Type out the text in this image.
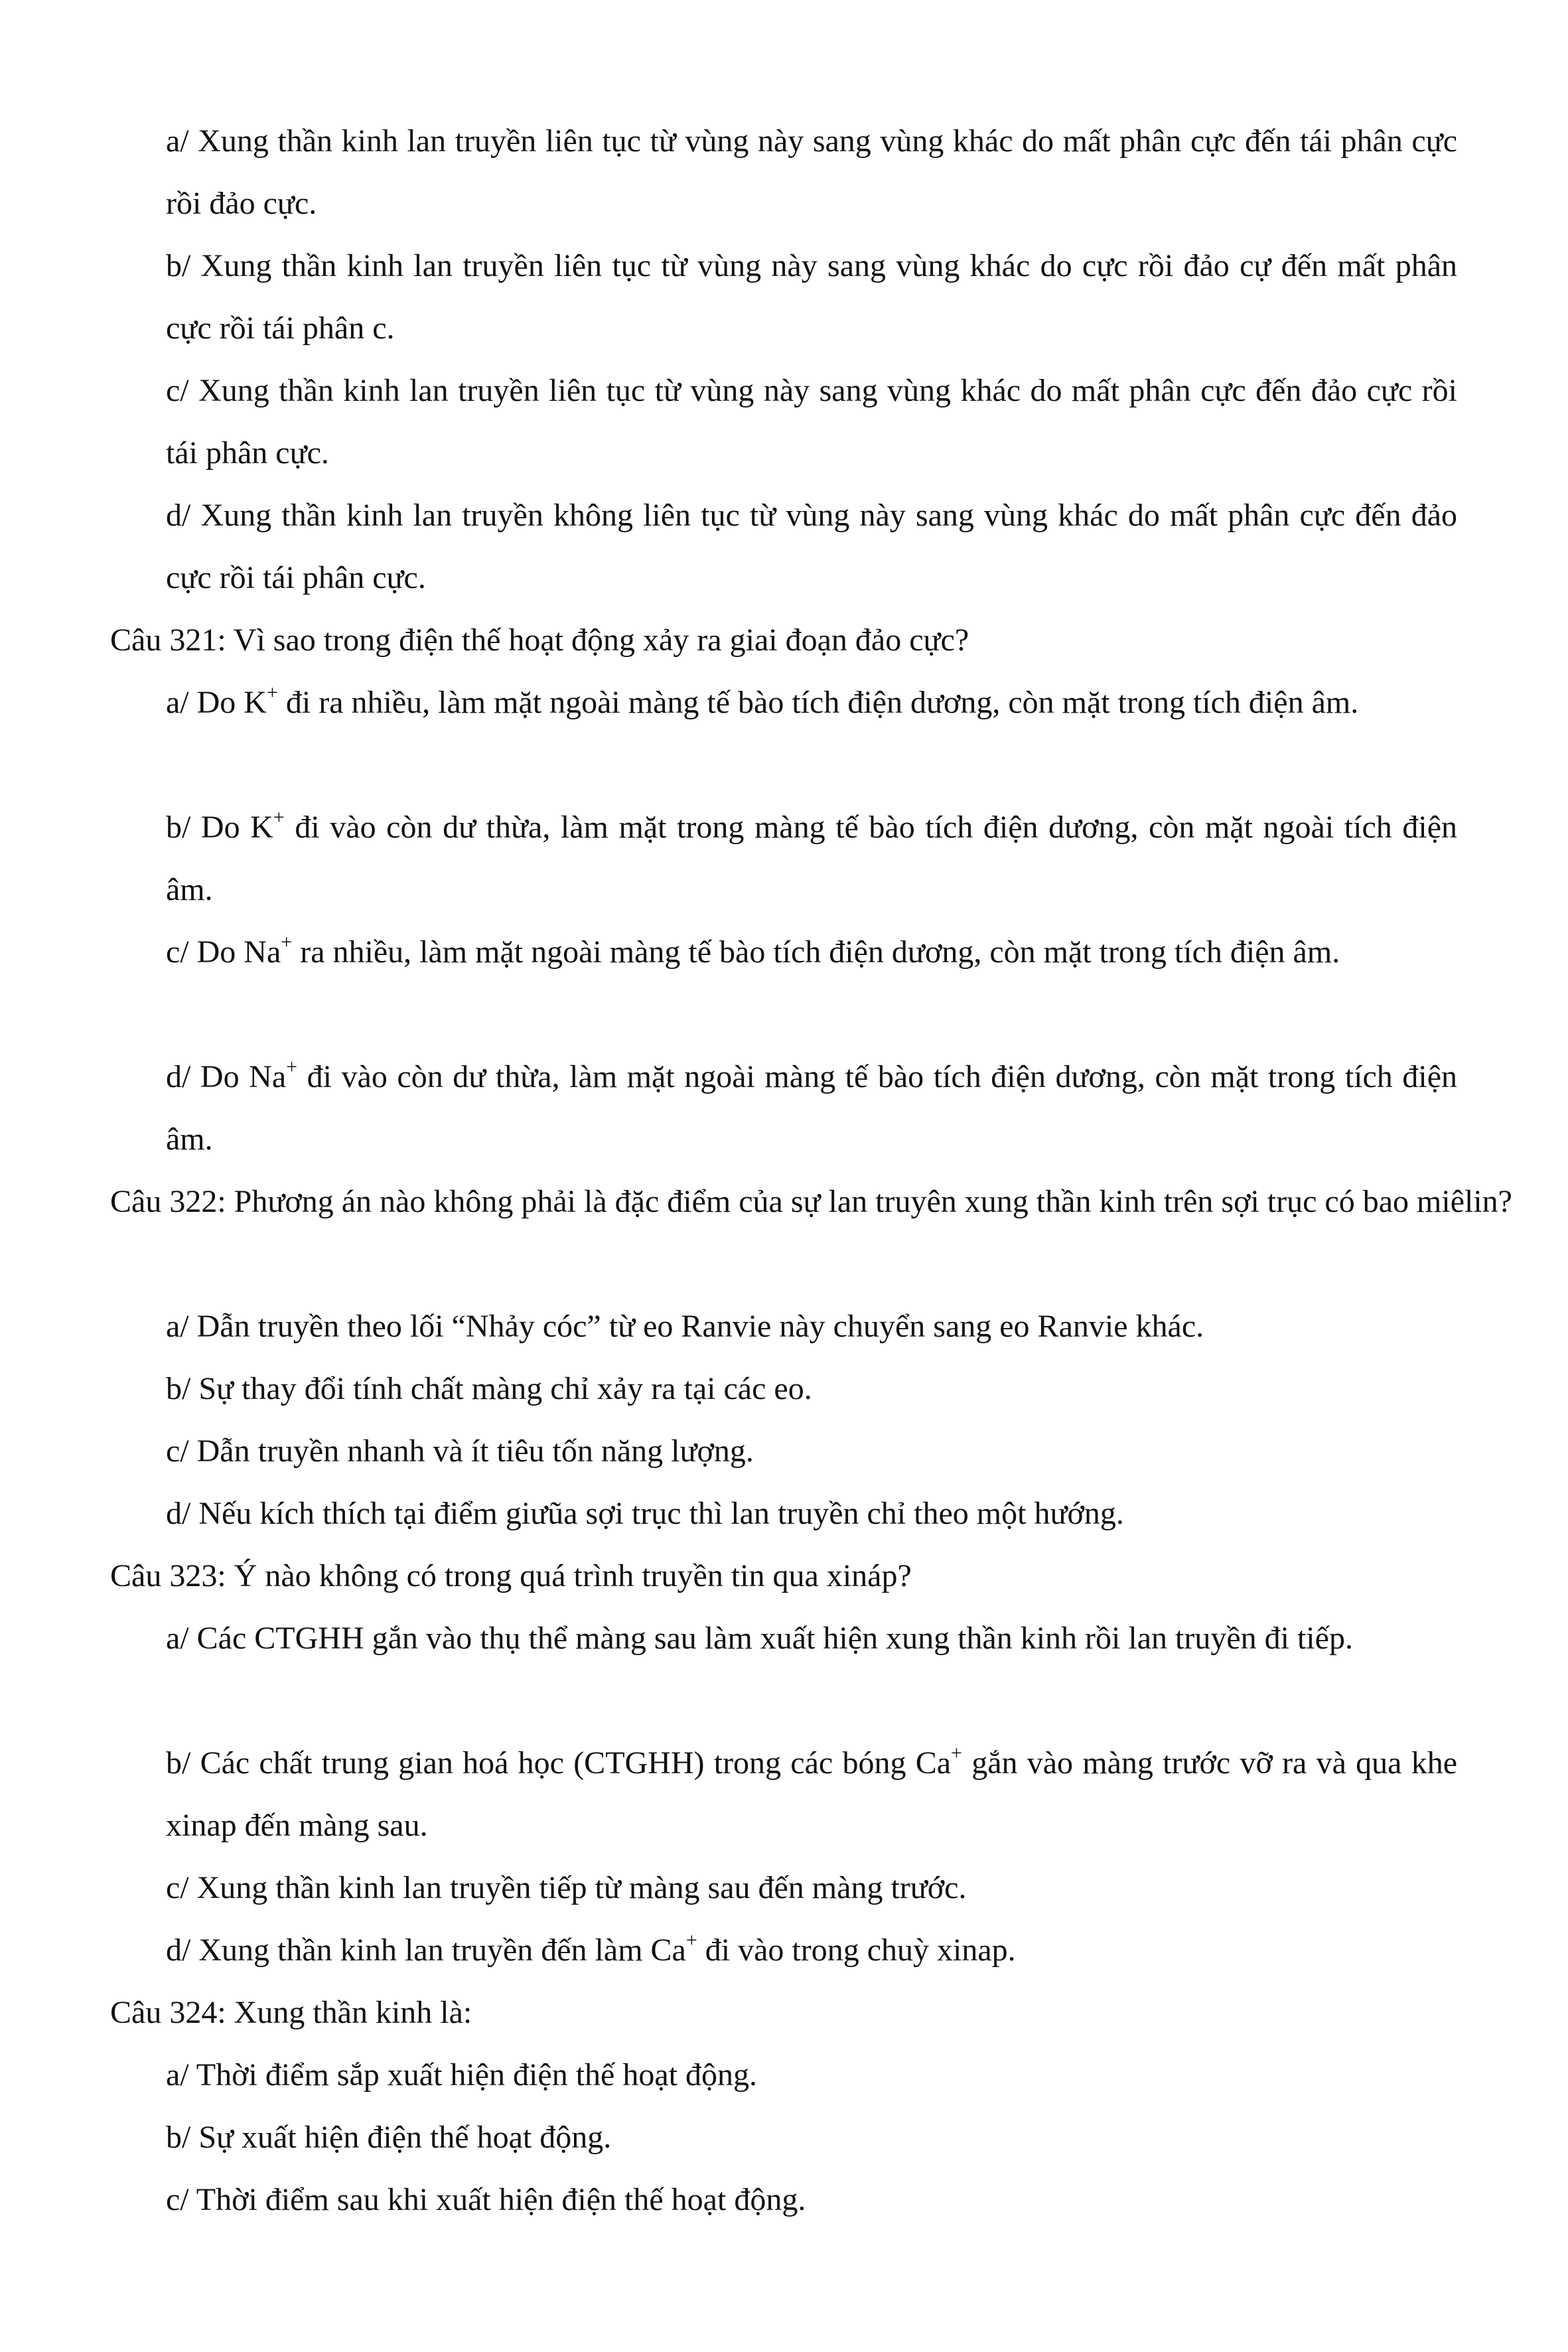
a/ Xung thần kinh lan truyền liên tục từ vùng này sang vùng khác do mất phân cực đến tái phân cực rồi đảo cực.

b/ Xung thần kinh lan truyền liên tục từ vùng này sang vùng khác do cực rồi đảo cự đến mất phân cực rồi tái phân c.

c/ Xung thần kinh lan truyền liên tục từ vùng này sang vùng khác do mất phân cực đến đảo cực rồi tái phân cực.

d/ Xung thần kinh lan truyền không liên tục từ vùng này sang vùng khác do mất phân cực đến đảo cực rồi tái phân cực.

Câu 321: Vì sao trong điện thế hoạt động xảy ra giai đoạn đảo cực?

a/ Do K+ đi ra nhiều, làm mặt ngoài màng tế bào tích điện dương, còn mặt trong tích điện âm.

b/ Do K+ đi vào còn dư thừa, làm mặt trong màng tế bào tích điện dương, còn mặt ngoài tích điện âm.

c/ Do Na+ ra nhiều, làm mặt ngoài màng tế bào tích điện dương, còn mặt trong tích điện âm.

d/ Do Na+ đi vào còn dư thừa, làm mặt ngoài màng tế bào tích điện dương, còn mặt trong tích điện âm.

Câu 322: Phương án nào không phải là đặc điểm của sự lan truyên xung thần kinh trên sợi trục có bao miêlin?

a/ Dẫn truyền theo lối “Nhảy cóc” từ eo Ranvie này chuyển sang eo Ranvie khác.

b/ Sự thay đổi tính chất màng chỉ xảy ra tại các eo.

c/ Dẫn truyền nhanh và ít tiêu tốn năng lượng.

d/ Nếu kích thích tại điểm giưũa sợi trục thì lan truyền chỉ theo một hướng.

Câu 323: Ý nào không có trong quá trình truyền tin qua xináp?

a/ Các CTGHH gắn vào thụ thể màng sau làm xuất hiện xung thần kinh rồi lan truyền đi tiếp.

b/ Các chất trung gian hoá học (CTGHH) trong các bóng Ca+ gắn vào màng trước vỡ ra và qua khe xinap đến màng sau.

c/ Xung thần kinh lan truyền tiếp từ màng sau đến màng trước.

d/ Xung thần kinh lan truyền đến làm Ca+ đi vào trong chuỳ xinap.

Câu 324: Xung thần kinh là:

a/ Thời điểm sắp xuất hiện điện thế hoạt động.

b/ Sự xuất hiện điện thế hoạt động.

c/ Thời điểm sau khi xuất hiện điện thế hoạt động.
